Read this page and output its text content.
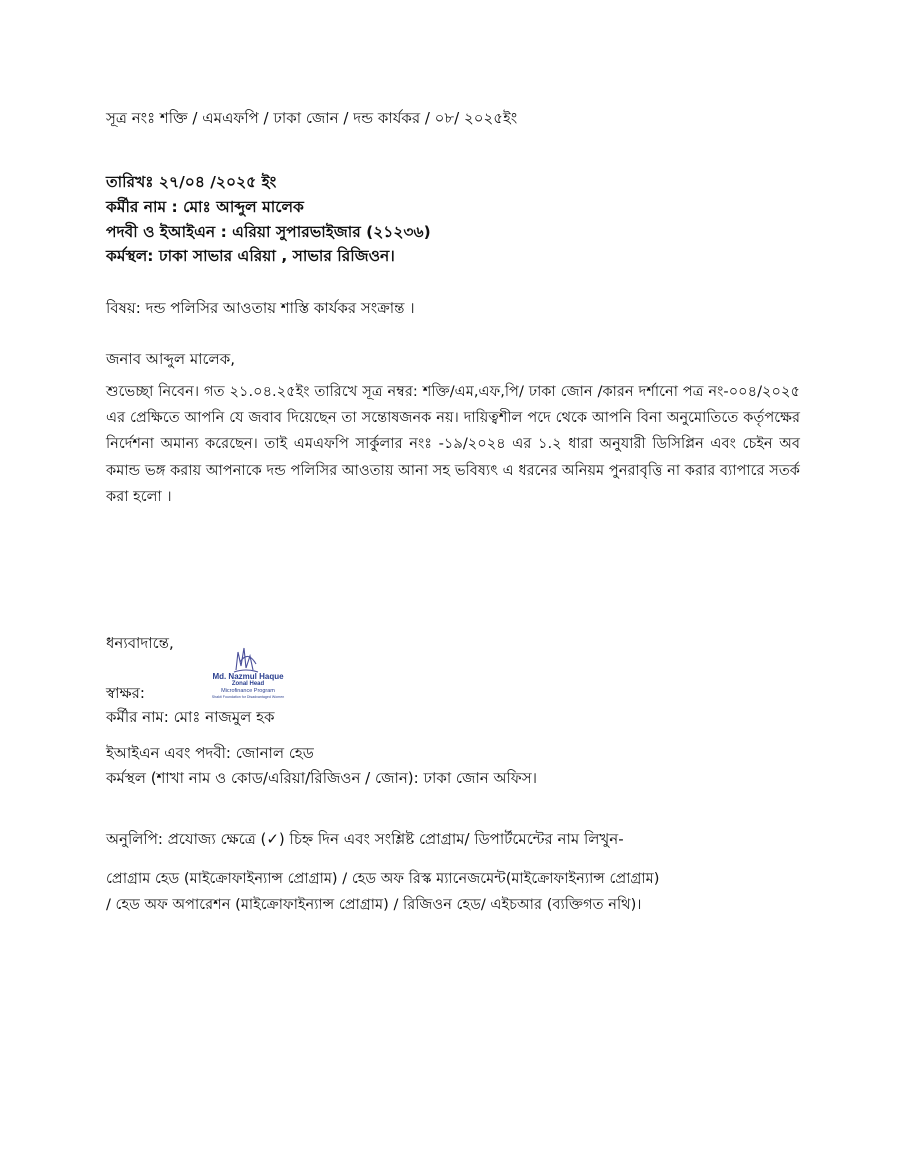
সূত্র নংঃ শক্তি / এমএফপি / ঢাকা জোন / দন্ড কার্যকর / ০৮/ ২০২৫ইং
তারিখঃ ২৭/০৪ /২০২৫ ইং
কর্মীর নাম : মোঃ আব্দুল মালেক
পদবী ও ইআইএন : এরিয়া সুপারভাইজার (২১২৩৬)
কর্মস্থল: ঢাকা সাভার এরিয়া , সাভার রিজিওন।
বিষয়: দন্ড পলিসির আওতায় শাস্তি কার্যকর সংক্রান্ত ।
জনাব আব্দুল মালেক,
শুভেচ্ছা নিবেন। গত ২১.০৪.২৫ইং তারিখে সূত্র নম্বর: শক্তি/এম,এফ,পি/ ঢাকা জোন /কারন দর্শানো পত্র নং-০০৪/২০২৫ এর প্রেক্ষিতে আপনি যে জবাব দিয়েছেন তা সন্তোষজনক নয়। দায়িত্বশীল পদে থেকে আপনি বিনা অনুমোতিতে কর্তৃপক্ষের নির্দেশনা অমান্য করেছেন। তাই এমএফপি সার্কুলার নংঃ -১৯/২০২৪ এর ১.২ ধারা অনুযারী ডিসিপ্লিন এবং চেইন অব কমান্ড ভঙ্গ করায় আপনাকে দন্ড পলিসির আওতায় আনা সহ ভবিষ্যৎ এ ধরনের অনিয়ম পুনরাবৃত্তি না করার ব্যাপারে সতর্ক করা হলো ।
ধন্যবাদান্তে,
Md. Nazmul Haque
Zonal Head
Microfinance Program
Shakti Foundation for Disadvantaged Women
স্বাক্ষর:
কর্মীর নাম: মোঃ নাজমুল হক
ইআইএন এবং পদবী: জোনাল হেড
কর্মস্থল (শাখা নাম ও কোড/এরিয়া/রিজিওন / জোন): ঢাকা জোন অফিস।
অনুলিপি: প্রযোজ্য ক্ষেত্রে (✓) চিহ্ন দিন এবং সংশ্লিষ্ট প্রোগ্রাম/ ডিপার্টমেন্টের নাম লিখুন-
প্রোগ্রাম হেড (মাইক্রোফাইন্যান্স প্রোগ্রাম) / হেড অফ রিস্ক ম্যানেজমেন্ট(মাইক্রোফাইন্যান্স প্রোগ্রাম)
/ হেড অফ অপারেশন (মাইক্রোফাইন্যান্স প্রোগ্রাম) / রিজিওন হেড/ এইচআর (ব্যক্তিগত নথি)।
